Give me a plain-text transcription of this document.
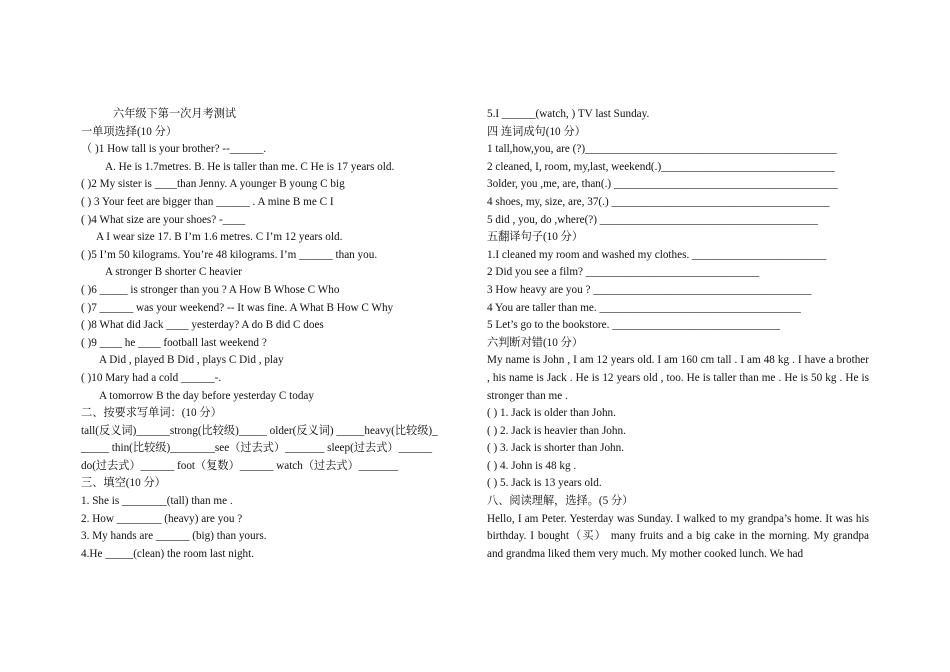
六年级下第一次月考测试
一单项选择(10 分）
（ )1 How tall is your brother? --______.
A. He is 1.7metres. B. He is taller than me. C He is 17 years old.
( )2 My sister is ____than Jenny. A younger B young C big
( ) 3 Your feet are bigger than ______ . A mine B me C I
( )4 What size are your shoes? -____
A I wear size 17. B I’m 1.6 metres. C I’m 12 years old.
( )5 I’m 50 kilograms. You’re 48 kilograms. I’m ______ than you.
A stronger B shorter C heavier
( )6 _____ is stronger than you ? A How B Whose C Who
( )7 ______ was your weekend? -- It was fine. A What B How C Why
( )8 What did Jack ____ yesterday? A do B did C does
( )9 ____ he ____ football last weekend ?
A Did , played B Did , plays C Did , play
( )10 Mary had a cold ______-.
A tomorrow B the day before yesterday C today
二、按要求写单词：(10 分）
tall(反义词)______strong(比较级)_____ older(反义词) _____heavy(比较级)_
_____ thin(比较级)________see（过去式）_______ sleep(过去式）______
do(过去式）______ foot（复数）______ watch（过去式）_______
三、填空(10 分）
1. She is ________(tall) than me .
2. How ________ (heavy) are you ?
3. My hands are ______ (big) than yours.
4.He _____(clean) the room last night.
5.I ______(watch, ) TV last Sunday.
四 连词成句(10 分）
1 tall,how,you, are (?)_____________________________________________
2 cleaned, I, room, my,last, weekend(.)_______________________________
3older, you ,me, are, than(.) ________________________________________
4 shoes, my, size, are, 37(.) _______________________________________
5 did , you, do ,where(?) _______________________________________
五翻译句子(10 分）
1.I cleaned my room and washed my clothes. ________________________
2 Did you see a film? _______________________________
3 How heavy are you ? _______________________________________
4 You are taller than me. ____________________________________
5 Let’s go to the bookstore. ______________________________
六判断对错(10 分）

My name is John , I am 12 years old. I am 160 cm tall . I am 48 kg . I have a brother , his name is Jack . He is 12 years old , too. He is taller than me . He is 50 kg . He is stronger than me .

( ) 1. Jack is older than John.
( ) 2. Jack is heavier than John.
( ) 3. Jack is shorter than John.
( ) 4. John is 48 kg .
( ) 5. Jack is 13 years old.
八、阅读理解，选择。(5 分）

Hello, I am Peter. Yesterday was Sunday. I walked to my grandpa’s home. It was his birthday. I bought（买） many fruits and a big cake in the morning. My grandpa and grandma liked them very much. My mother cooked lunch. We had
